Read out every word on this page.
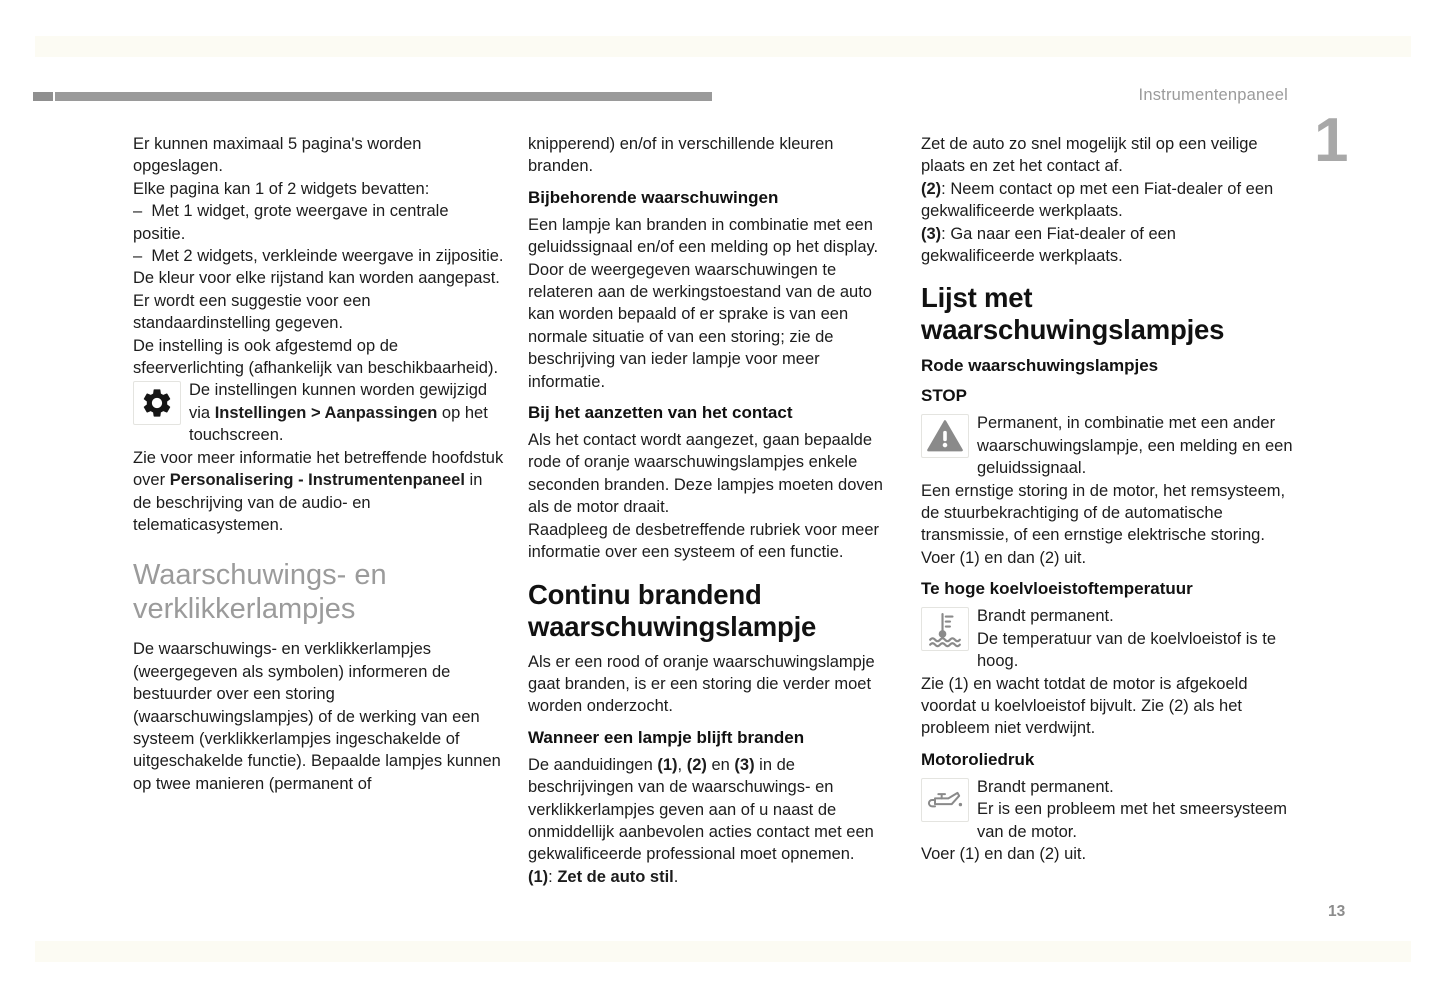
Instrumentenpaneel
1
13

Er kunnen maximaal 5 pagina's worden opgeslagen.

Elke pagina kan 1 of 2 widgets bevatten:

–  Met 1 widget, grote weergave in centrale positie.

–  Met 2 widgets, verkleinde weergave in zijpositie.

De kleur voor elke rijstand kan worden aangepast. Er wordt een suggestie voor een standaardinstelling gegeven.

De instelling is ook afgestemd op de sfeerverlichting (afhankelijk van beschikbaarheid).

De instellingen kunnen worden gewijzigd via Instellingen > Aanpassingen op het touchscreen.

Zie voor meer informatie het betreffende hoofdstuk over Personalisering - Instrumentenpaneel in de beschrijving van de audio- en telematicasystemen.

Waarschuwings- en verklikkerlampjes

De waarschuwings- en verklikkerlampjes (weergegeven als symbolen) informeren de bestuurder over een storing (waarschuwingslampjes) of de werking van een systeem (verklikkerlampjes ingeschakelde of uitgeschakelde functie). Bepaalde lampjes kunnen op twee manieren (permanent of

knipperend) en/of in verschillende kleuren branden.

Bijbehorende waarschuwingen

Een lampje kan branden in combinatie met een geluidssignaal en/of een melding op het display. Door de weergegeven waarschuwingen te relateren aan de werkingstoestand van de auto kan worden bepaald of er sprake is van een normale situatie of van een storing; zie de beschrijving van ieder lampje voor meer informatie.

Bij het aanzetten van het contact

Als het contact wordt aangezet, gaan bepaalde rode of oranje waarschuwingslampjes enkele seconden branden. Deze lampjes moeten doven als de motor draait.

Raadpleeg de desbetreffende rubriek voor meer informatie over een systeem of een functie.

Continu brandend waarschuwingslampje

Als er een rood of oranje waarschuwingslampje gaat branden, is er een storing die verder moet worden onderzocht.

Wanneer een lampje blijft branden

De aanduidingen (1), (2) en (3) in de beschrijvingen van de waarschuwings- en verklikkerlampjes geven aan of u naast de onmiddellijk aanbevolen acties contact met een gekwalificeerde professional moet opnemen.

(1): Zet de auto stil.

Zet de auto zo snel mogelijk stil op een veilige plaats en zet het contact af.

(2): Neem contact op met een Fiat-dealer of een gekwalificeerde werkplaats.

(3): Ga naar een Fiat-dealer of een gekwalificeerde werkplaats.

Lijst met waarschuwingslampjes
Rode waarschuwingslampjes
STOP

Permanent, in combinatie met een ander waarschuwingslampje, een melding en een geluidssignaal.

Een ernstige storing in de motor, het remsysteem, de stuurbekrachtiging of de automatische transmissie, of een ernstige elektrische storing.

Voer (1) en dan (2) uit.

Te hoge koelvloeistoftemperatuur

Brandt permanent.

De temperatuur van de koelvloeistof is te hoog.

Zie (1) en wacht totdat de motor is afgekoeld voordat u koelvloeistof bijvult. Zie (2) als het probleem niet verdwijnt.

Motoroliedruk

Brandt permanent.

Er is een probleem met het smeersysteem van de motor.

Voer (1) en dan (2) uit.
